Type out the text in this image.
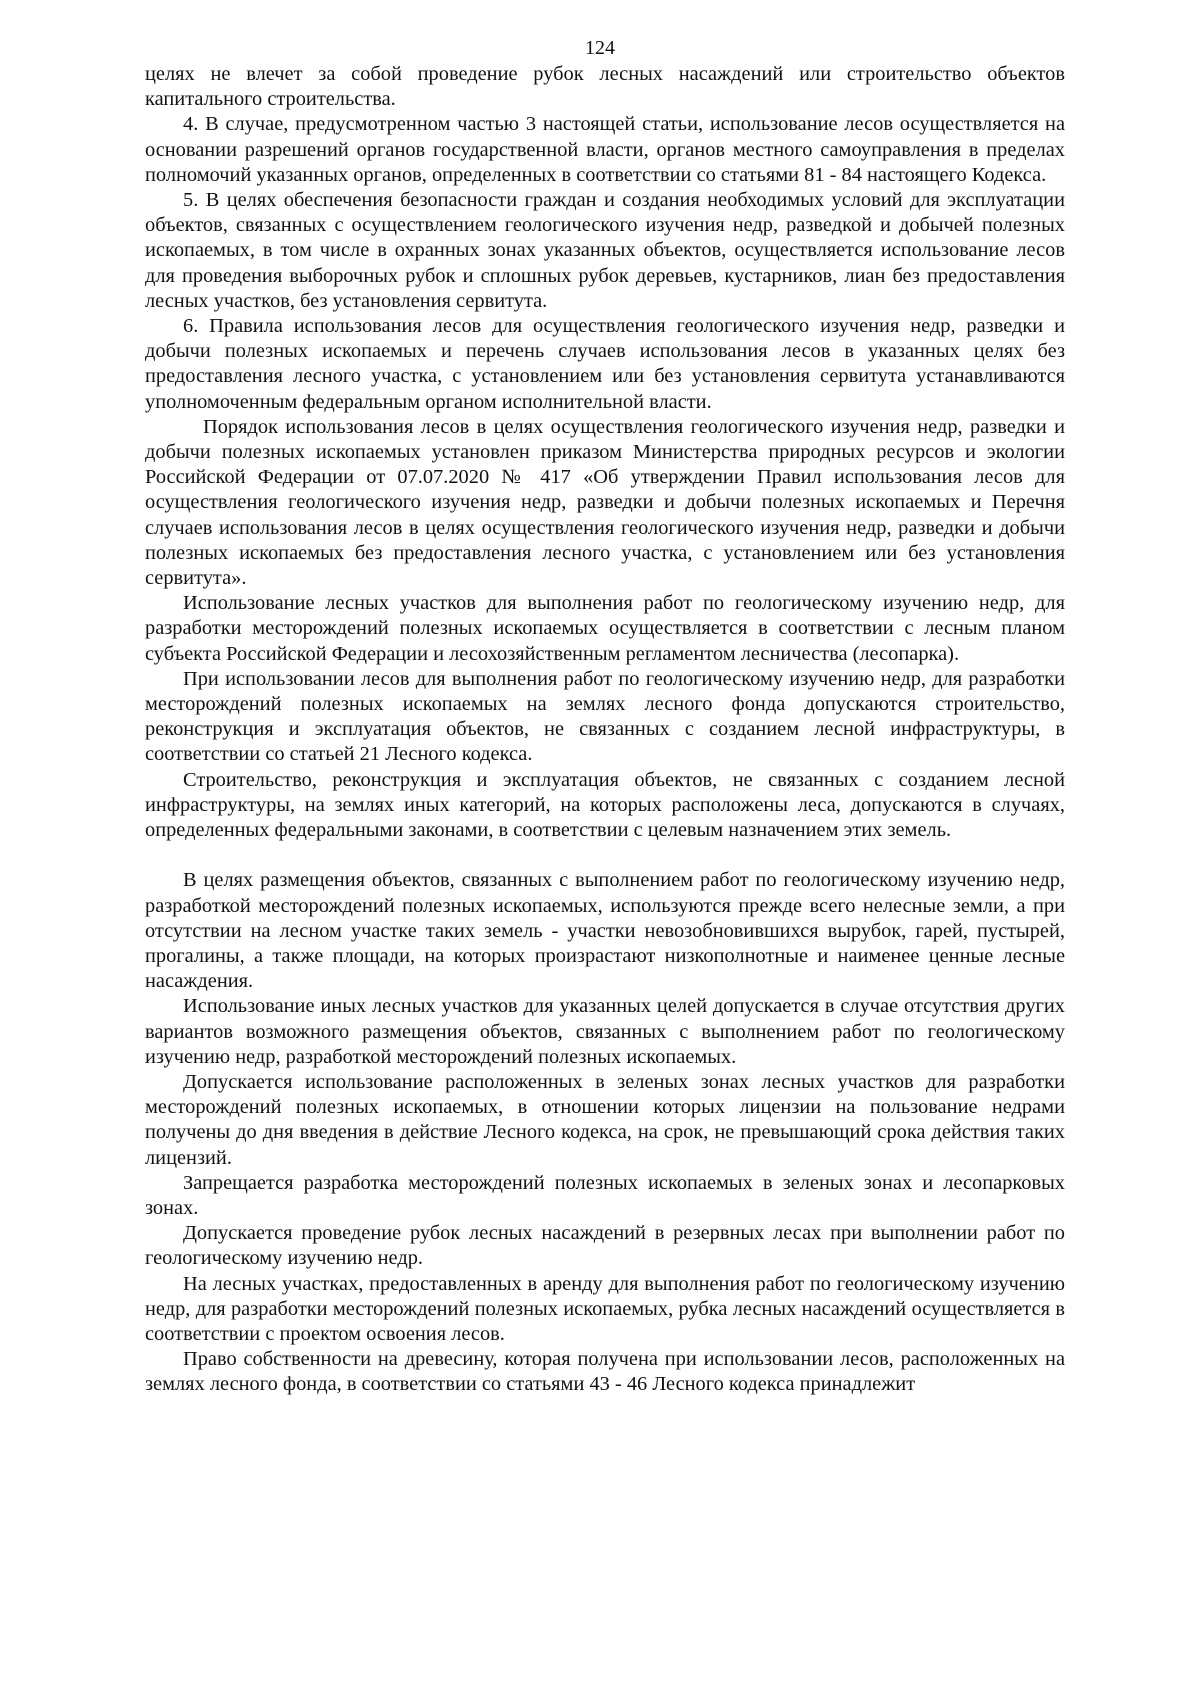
124

целях не влечет за собой проведение рубок лесных насаждений или строительство объектов капитального строительства.

4. В случае, предусмотренном частью 3 настоящей статьи, использование лесов осуществляется на основании разрешений органов государственной власти, органов местного самоуправления в пределах полномочий указанных органов, определенных в соответствии со статьями 81 - 84 настоящего Кодекса.

5. В целях обеспечения безопасности граждан и создания необходимых условий для эксплуатации объектов, связанных с осуществлением геологического изучения недр, разведкой и добычей полезных ископаемых, в том числе в охранных зонах указанных объектов, осуществляется использование лесов для проведения выборочных рубок и сплошных рубок деревьев, кустарников, лиан без предоставления лесных участков, без установления сервитута.

6. Правила использования лесов для осуществления геологического изучения недр, разведки и добычи полезных ископаемых и перечень случаев использования лесов в указанных целях без предоставления лесного участка, с установлением или без установления сервитута устанавливаются уполномоченным федеральным органом исполнительной власти.

Порядок использования лесов в целях осуществления геологического изучения недр, разведки и добычи полезных ископаемых установлен приказом Министерства природных ресурсов и экологии Российской Федерации от 07.07.2020 № 417 «Об утверждении Правил использования лесов для осуществления геологического изучения недр, разведки и добычи полезных ископаемых и Перечня случаев использования лесов в целях осуществления геологического изучения недр, разведки и добычи полезных ископаемых без предоставления лесного участка, с установлением или без установления сервитута».

Использование лесных участков для выполнения работ по геологическому изучению недр, для разработки месторождений полезных ископаемых осуществляется в соответствии с лесным планом субъекта Российской Федерации и лесохозяйственным регламентом лесничества (лесопарка).

При использовании лесов для выполнения работ по геологическому изучению недр, для разработки месторождений полезных ископаемых на землях лесного фонда допускаются строительство, реконструкция и эксплуатация объектов, не связанных с созданием лесной инфраструктуры, в соответствии со статьей 21 Лесного кодекса.

Строительство, реконструкция и эксплуатация объектов, не связанных с созданием лесной инфраструктуры, на землях иных категорий, на которых расположены леса, допускаются в случаях, определенных федеральными законами, в соответствии с целевым назначением этих земель.

В целях размещения объектов, связанных с выполнением работ по геологическому изучению недр, разработкой месторождений полезных ископаемых, используются прежде всего нелесные земли, а при отсутствии на лесном участке таких земель - участки невозобновившихся вырубок, гарей, пустырей, прогалины, а также площади, на которых произрастают низкополнотные и наименее ценные лесные насаждения.

Использование иных лесных участков для указанных целей допускается в случае отсутствия других вариантов возможного размещения объектов, связанных с выполнением работ по геологическому изучению недр, разработкой месторождений полезных ископаемых.

Допускается использование расположенных в зеленых зонах лесных участков для разработки месторождений полезных ископаемых, в отношении которых лицензии на пользование недрами получены до дня введения в действие Лесного кодекса, на срок, не превышающий срока действия таких лицензий.

Запрещается разработка месторождений полезных ископаемых в зеленых зонах и лесопарковых зонах.

Допускается проведение рубок лесных насаждений в резервных лесах при выполнении работ по геологическому изучению недр.

На лесных участках, предоставленных в аренду для выполнения работ по геологическому изучению недр, для разработки месторождений полезных ископаемых, рубка лесных насаждений осуществляется в соответствии с проектом освоения лесов.

Право собственности на древесину, которая получена при использовании лесов, расположенных на землях лесного фонда, в соответствии со статьями 43 - 46 Лесного кодекса принадлежит
